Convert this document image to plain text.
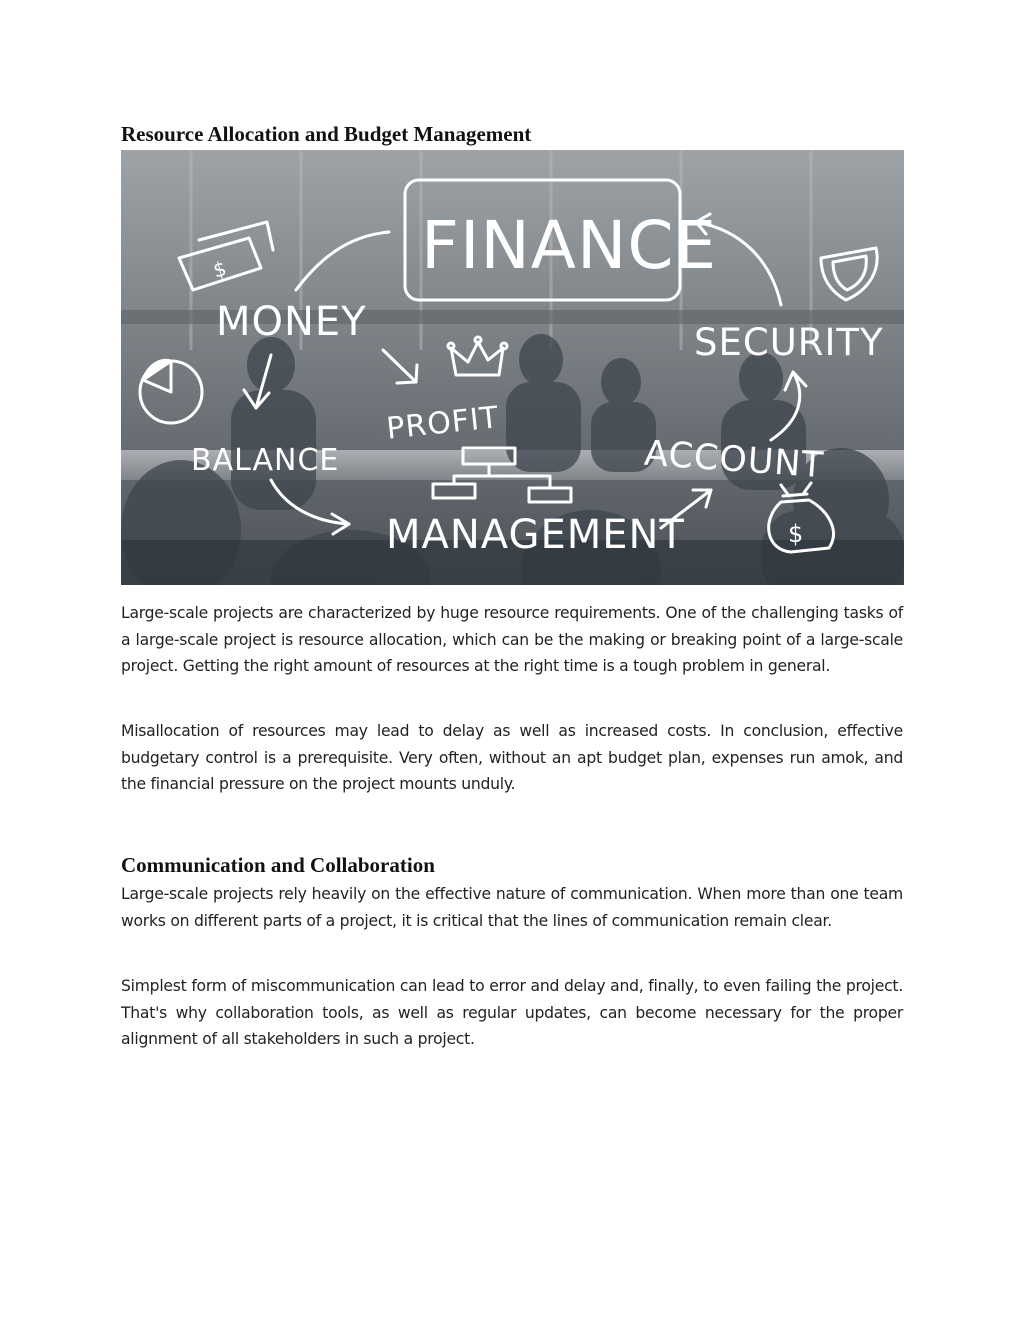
Resource Allocation and Budget Management
FINANCE
MONEY	SECURITY
PROFIT
BALANCE	ACCOUNT
MANAGEMENT
$
$

Large-scale projects are characterized by huge resource requirements. One of the challenging tasks of a large-scale project is resource allocation, which can be the making or breaking point of a large-scale project. Getting the right amount of resources at the right time is a tough problem in general.

Misallocation of resources may lead to delay as well as increased costs. In conclusion, effective budgetary control is a prerequisite. Very often, without an apt budget plan, expenses run amok, and the financial pressure on the project mounts unduly.

Communication and Collaboration

Large-scale projects rely heavily on the effective nature of communication. When more than one team works on different parts of a project, it is critical that the lines of communication remain clear.

Simplest form of miscommunication can lead to error and delay and, finally, to even failing the project. That's why collaboration tools, as well as regular updates, can become necessary for the proper alignment of all stakeholders in such a project.
